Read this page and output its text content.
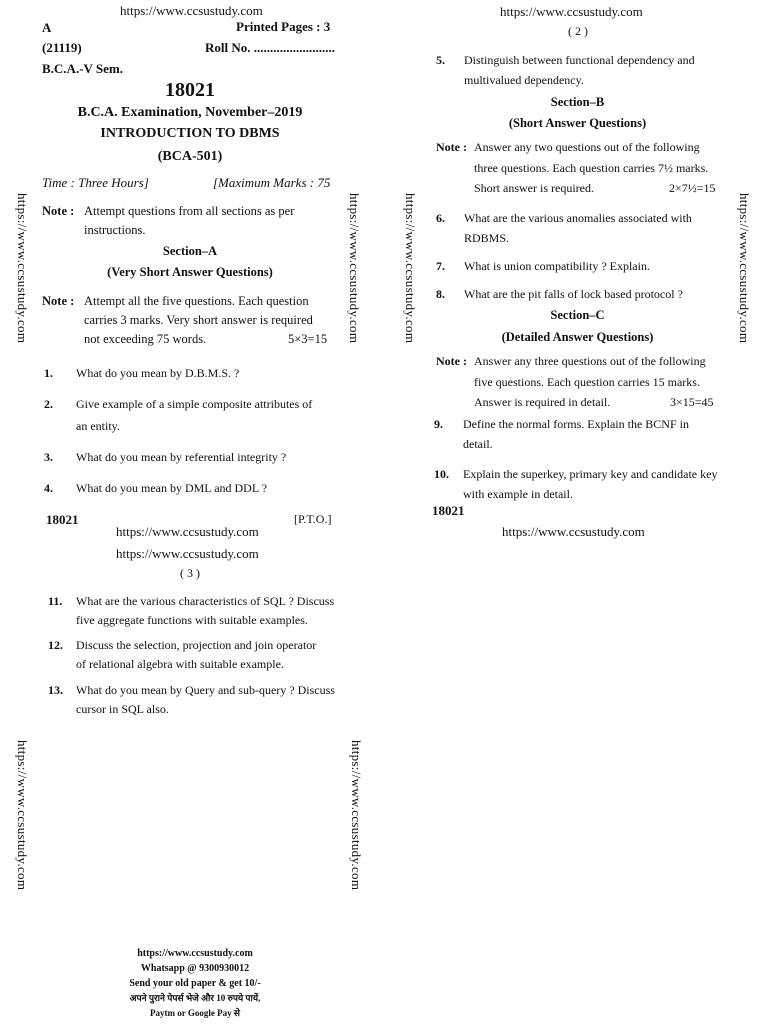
https://www.ccsustudy.com
A	Printed Pages : 3
(21119)	Roll No. .........................
B.C.A.-V Sem.
18021
B.C.A. Examination, November–2019
INTRODUCTION TO DBMS
(BCA-501)
Time : Three Hours]	[Maximum Marks : 75
Note : Attempt questions from all sections as per
instructions.
Section–A
(Very Short Answer Questions)
Note : Attempt all the five questions. Each question
carries 3 marks. Very short answer is required
not exceeding 75 words.	5×3=15
1. What do you mean by D.B.M.S. ?
2. Give example of a simple composite attributes of
an entity.
3. What do you mean by referential integrity ?
4. What do you mean by DML and DDL ?
18021	[P.T.O.]
https://www.ccsustudy.com
https://www.ccsustudy.com
( 2 )
5. Distinguish between functional dependency and
multivalued dependency.
Section–B
(Short Answer Questions)
Note : Answer any two questions out of the following
three questions. Each question carries 7½ marks.
Short answer is required.	2×7½=15
6. What are the various anomalies associated with
RDBMS.
7. What is union compatibility ? Explain.
8. What are the pit falls of lock based protocol ?
Section–C
(Detailed Answer Questions)
Note : Answer any three questions out of the following
five questions. Each question carries 15 marks.
Answer is required in detail.	3×15=45
9. Define the normal forms. Explain the BCNF in
detail.
10. Explain the superkey, primary key and candidate key
with example in detail.
18021
https://www.ccsustudy.com
https://www.ccsustudy.com
( 3 )
11. What are the various characteristics of SQL ? Discuss
five aggregate functions with suitable examples.
12. Discuss the selection, projection and join operator
of relational algebra with suitable example.
13. What do you mean by Query and sub-query ? Discuss
cursor in SQL also.
https://www.ccsustudy.com
Whatsapp @ 9300930012
Send your old paper & get 10/-
अपने पुराने पेपर्स भेजे और 10 रुपये पायें,
Paytm or Google Pay से
https://www.ccsustudy.com	https://www.ccsustudy.com	https://www.ccsustudy.com	https://www.ccsustudy.com
https://www.ccsustudy.com	https://www.ccsustudy.com
